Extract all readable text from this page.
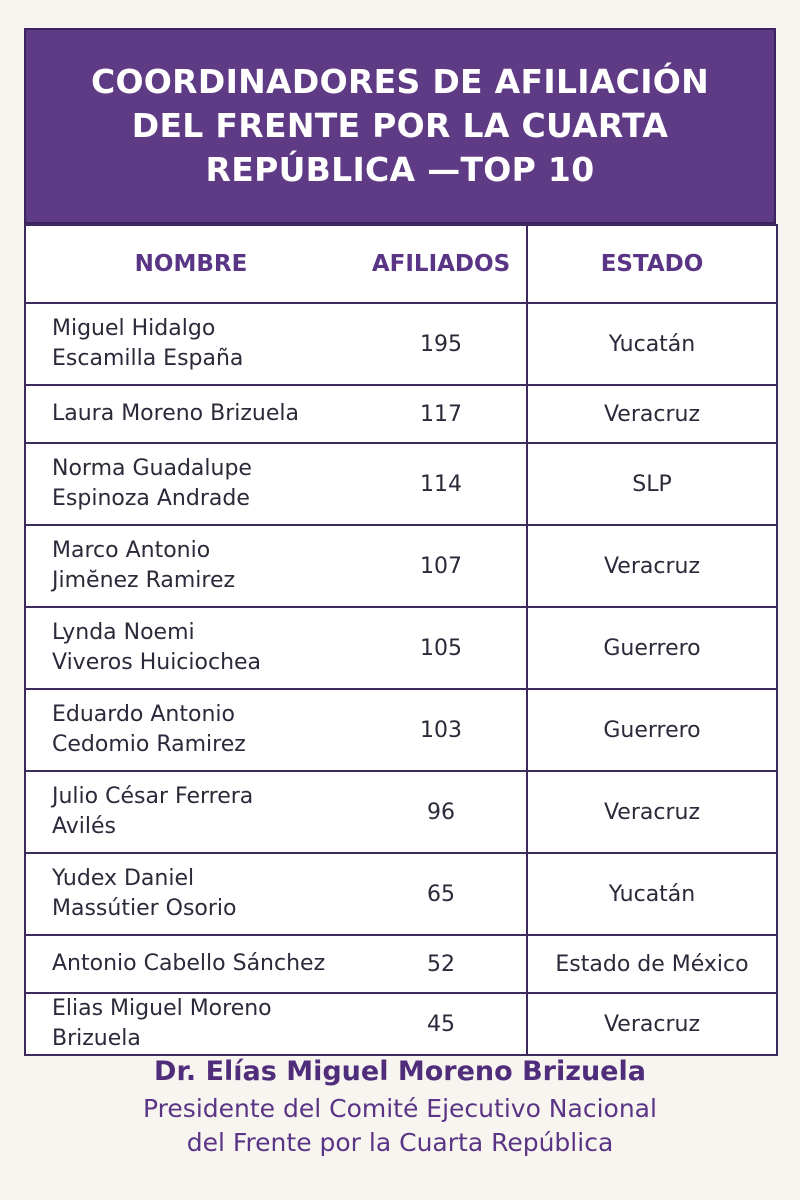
COORDINADORES DE AFILIACIÓN DEL FRENTE POR LA CUARTA REPÚBLICA —TOP 10
NOMBRE AFILIADOS	ESTADO

Miguel Hidalgo
Escamilla España
195	Yucatán

Laura Moreno Brizuela 117	Veracruz

Norma Guadalupe
Espinoza Andrade
114	SLP

Marco Antonio
Jimĕnez Ramirez
107	Veracruz

Lynda Noemi
Viveros Huiciochea
105	Guerrero

Eduardo Antonio
Cedomio Ramirez
103	Guerrero

Julio César Ferrera
Avilés
96	Veracruz

Yudex Daniel
Massútier Osorio
65	Yucatán

Antonio Cabello Sánchez 52	Estado de México

Elias Miguel Moreno Brizuela
45	Veracruz
Dr. Elías Miguel Moreno Brizuela
Presidente del Comité Ejecutivo Nacional
del Frente por la Cuarta República
